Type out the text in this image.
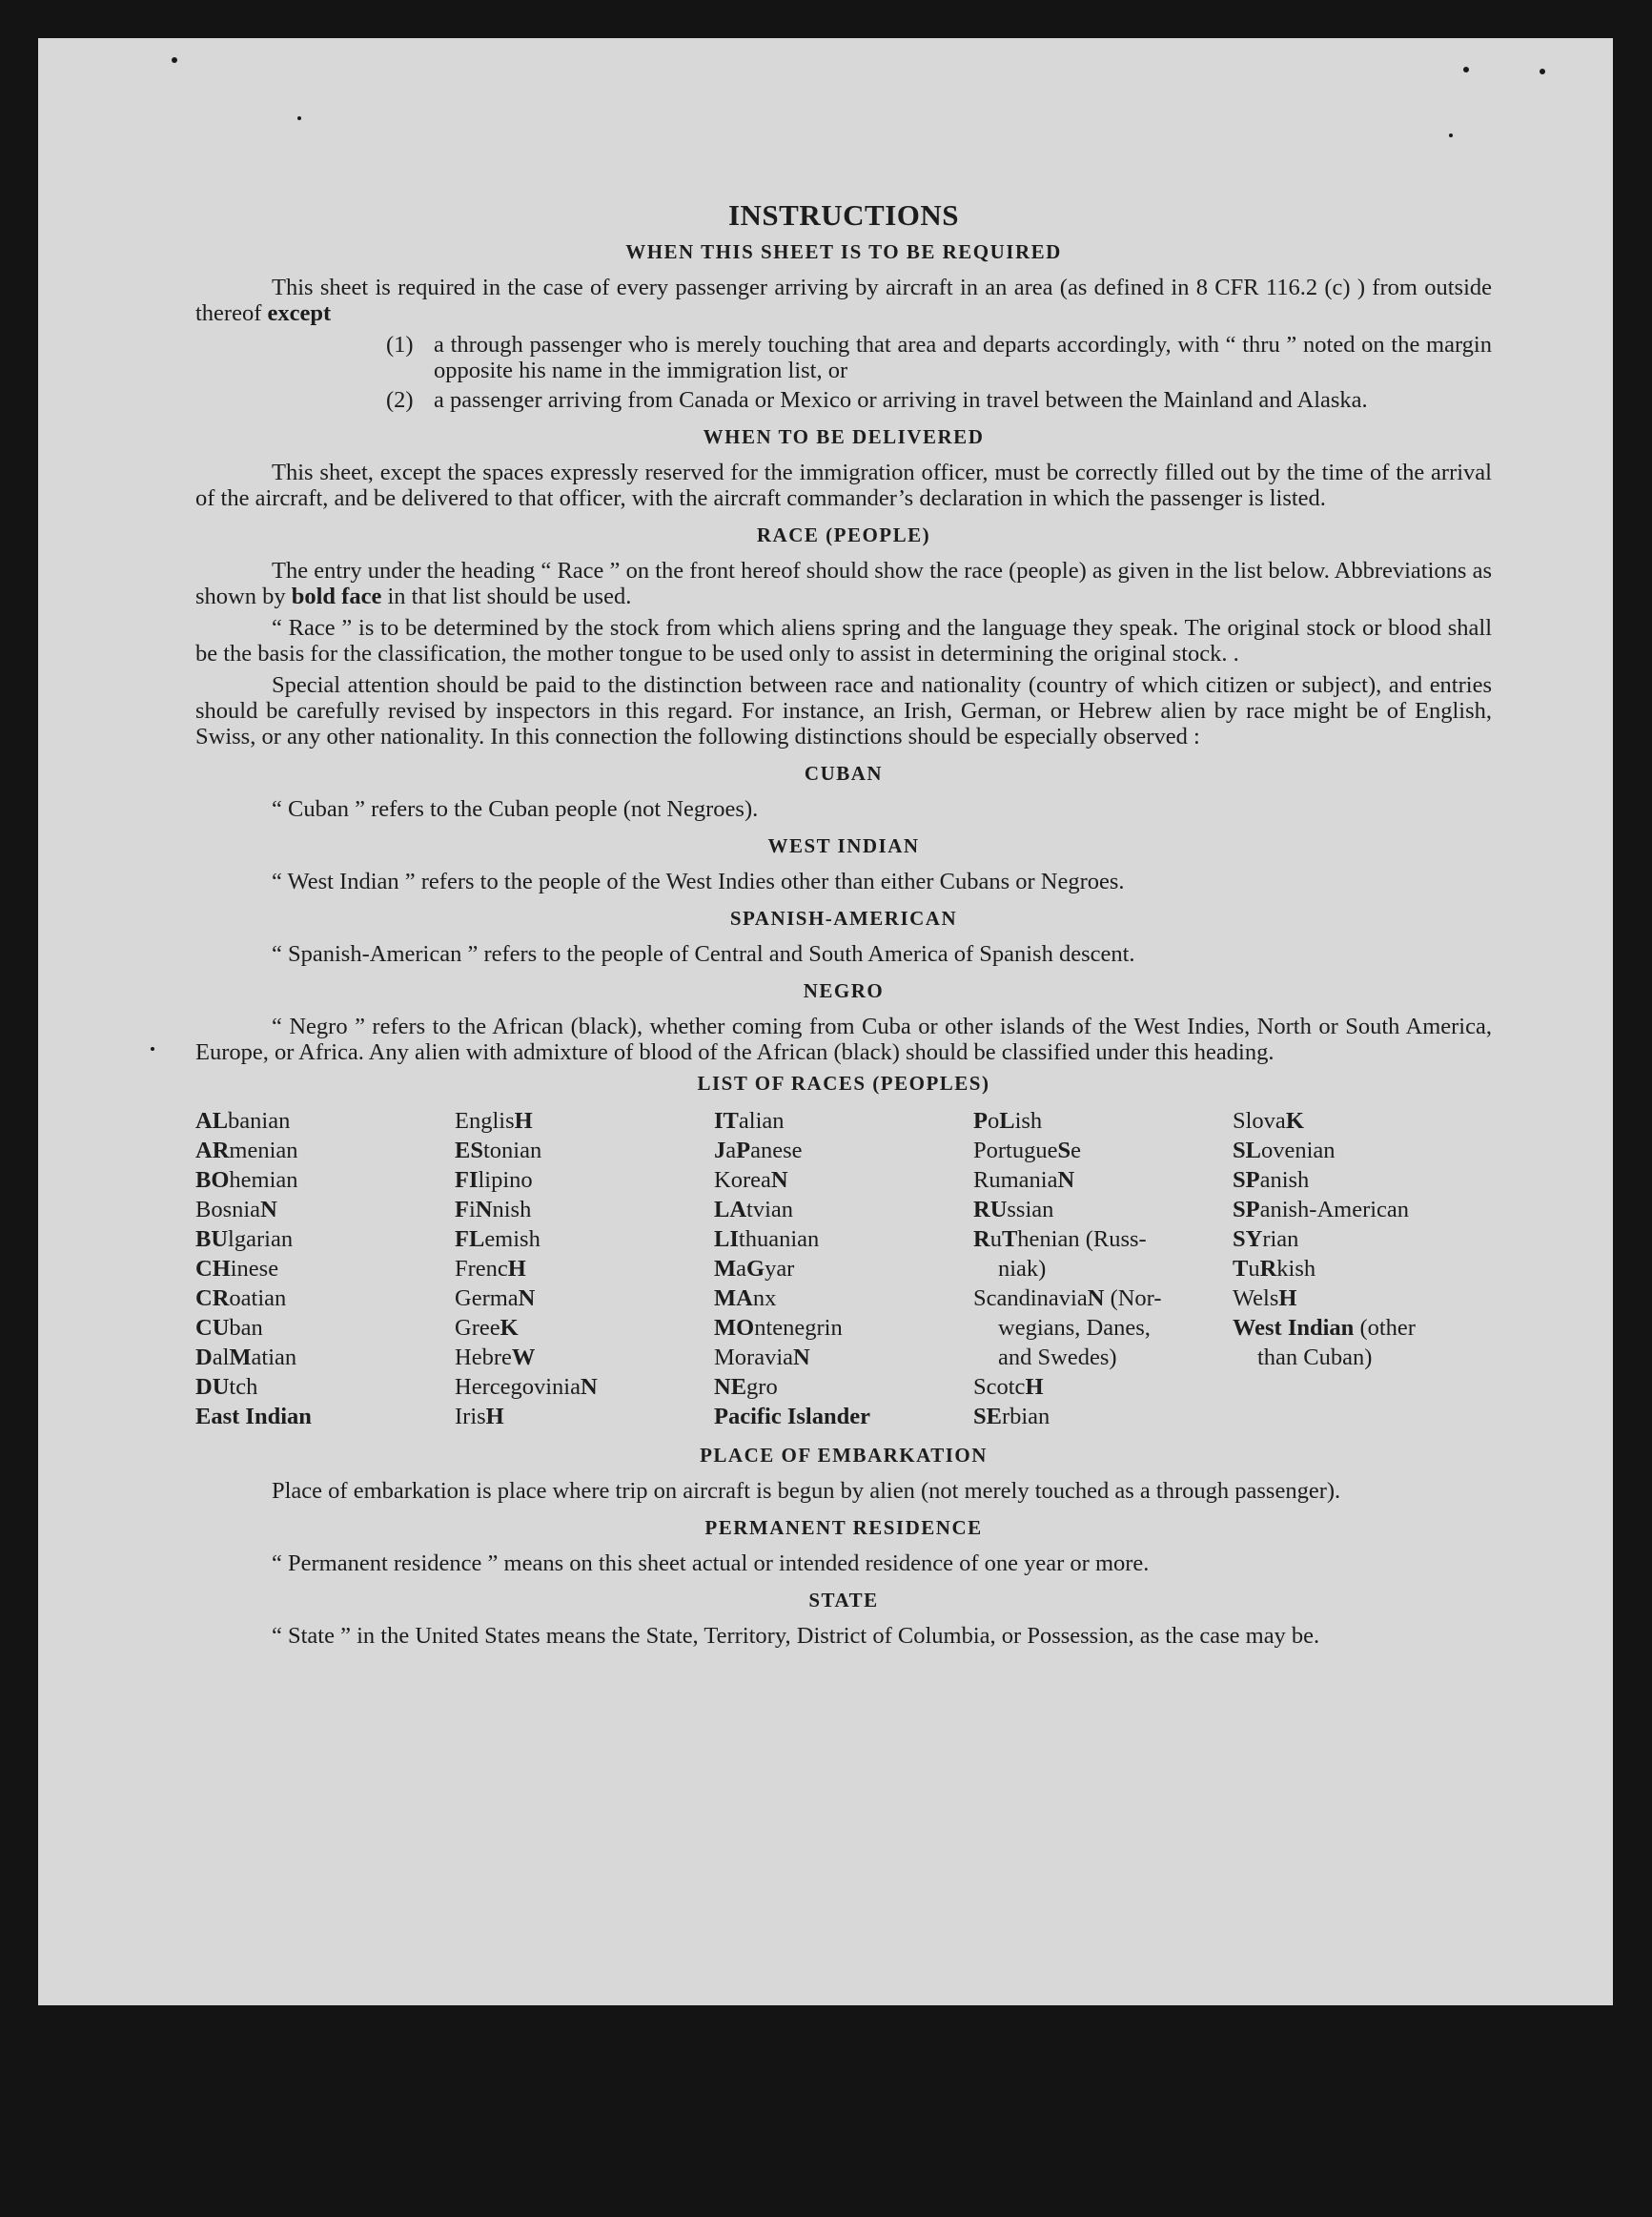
INSTRUCTIONS
WHEN THIS SHEET IS TO BE REQUIRED

This sheet is required in the case of every passenger arriving by aircraft in an area (as defined in 8 CFR 116.2 (c) ) from outside thereof except

(1) a through passenger who is merely touching that area and departs accordingly, with “ thru ” noted on the margin opposite his name in the immigration list, or
(2) a passenger arriving from Canada or Mexico or arriving in travel between the Mainland and Alaska.
WHEN TO BE DELIVERED

This sheet, except the spaces expressly reserved for the immigration officer, must be correctly filled out by the time of the arrival of the aircraft, and be delivered to that officer, with the aircraft commander’s declaration in which the passenger is listed.

RACE (PEOPLE)

The entry under the heading “ Race ” on the front hereof should show the race (people) as given in the list below. Abbreviations as shown by bold face in that list should be used.

“ Race ” is to be determined by the stock from which aliens spring and the language they speak. The original stock or blood shall be the basis for the classification, the mother tongue to be used only to assist in determining the original stock. .

Special attention should be paid to the distinction between race and nationality (country of which citizen or subject), and entries should be carefully revised by inspectors in this regard. For instance, an Irish, German, or Hebrew alien by race might be of English, Swiss, or any other nationality. In this connection the following distinctions should be especially observed :

CUBAN

“ Cuban ” refers to the Cuban people (not Negroes).

WEST INDIAN

“ West Indian ” refers to the people of the West Indies other than either Cubans or Negroes.

SPANISH-AMERICAN

“ Spanish-American ” refers to the people of Central and South America of Spanish descent.

NEGRO

“ Negro ” refers to the African (black), whether coming from Cuba or other islands of the West Indies, North or South America, Europe, or Africa. Any alien with admixture of blood of the African (black) should be classified under this heading.

LIST OF RACES (PEOPLES)
ALbanian
ARmenian
BOhemian
BosniaN
BUlgarian
CHinese
CRoatian
CUban
DalMatian
DUtch
East Indian
EnglisH
EStonian
FIlipino
FiNnish
FLemish
FrencH
GermaN
GreeK
HebreW
HercegoviniaN
IrisH
ITalian
JaPanese
KoreaN
LAtvian
LIthuanian
MaGyar
MAnx
MOntenegrin
MoraviaN
NEgro
Pacific Islander
PoLish
PortugueSe
RumaniaN
RUssian
RuThenian (Russ-
niak)
ScandinaviaN (Nor-
wegians, Danes,
and Swedes)
ScotcH
SErbian
SlovaK
SLovenian
SPanish
SPanish-American
SYrian
TuRkish
WelsH
West Indian (other
than Cuban)
PLACE OF EMBARKATION

Place of embarkation is place where trip on aircraft is begun by alien (not merely touched as a through passenger).

PERMANENT RESIDENCE

“ Permanent residence ” means on this sheet actual or intended residence of one year or more.

STATE

“ State ” in the United States means the State, Territory, District of Columbia, or Possession, as the case may be.
